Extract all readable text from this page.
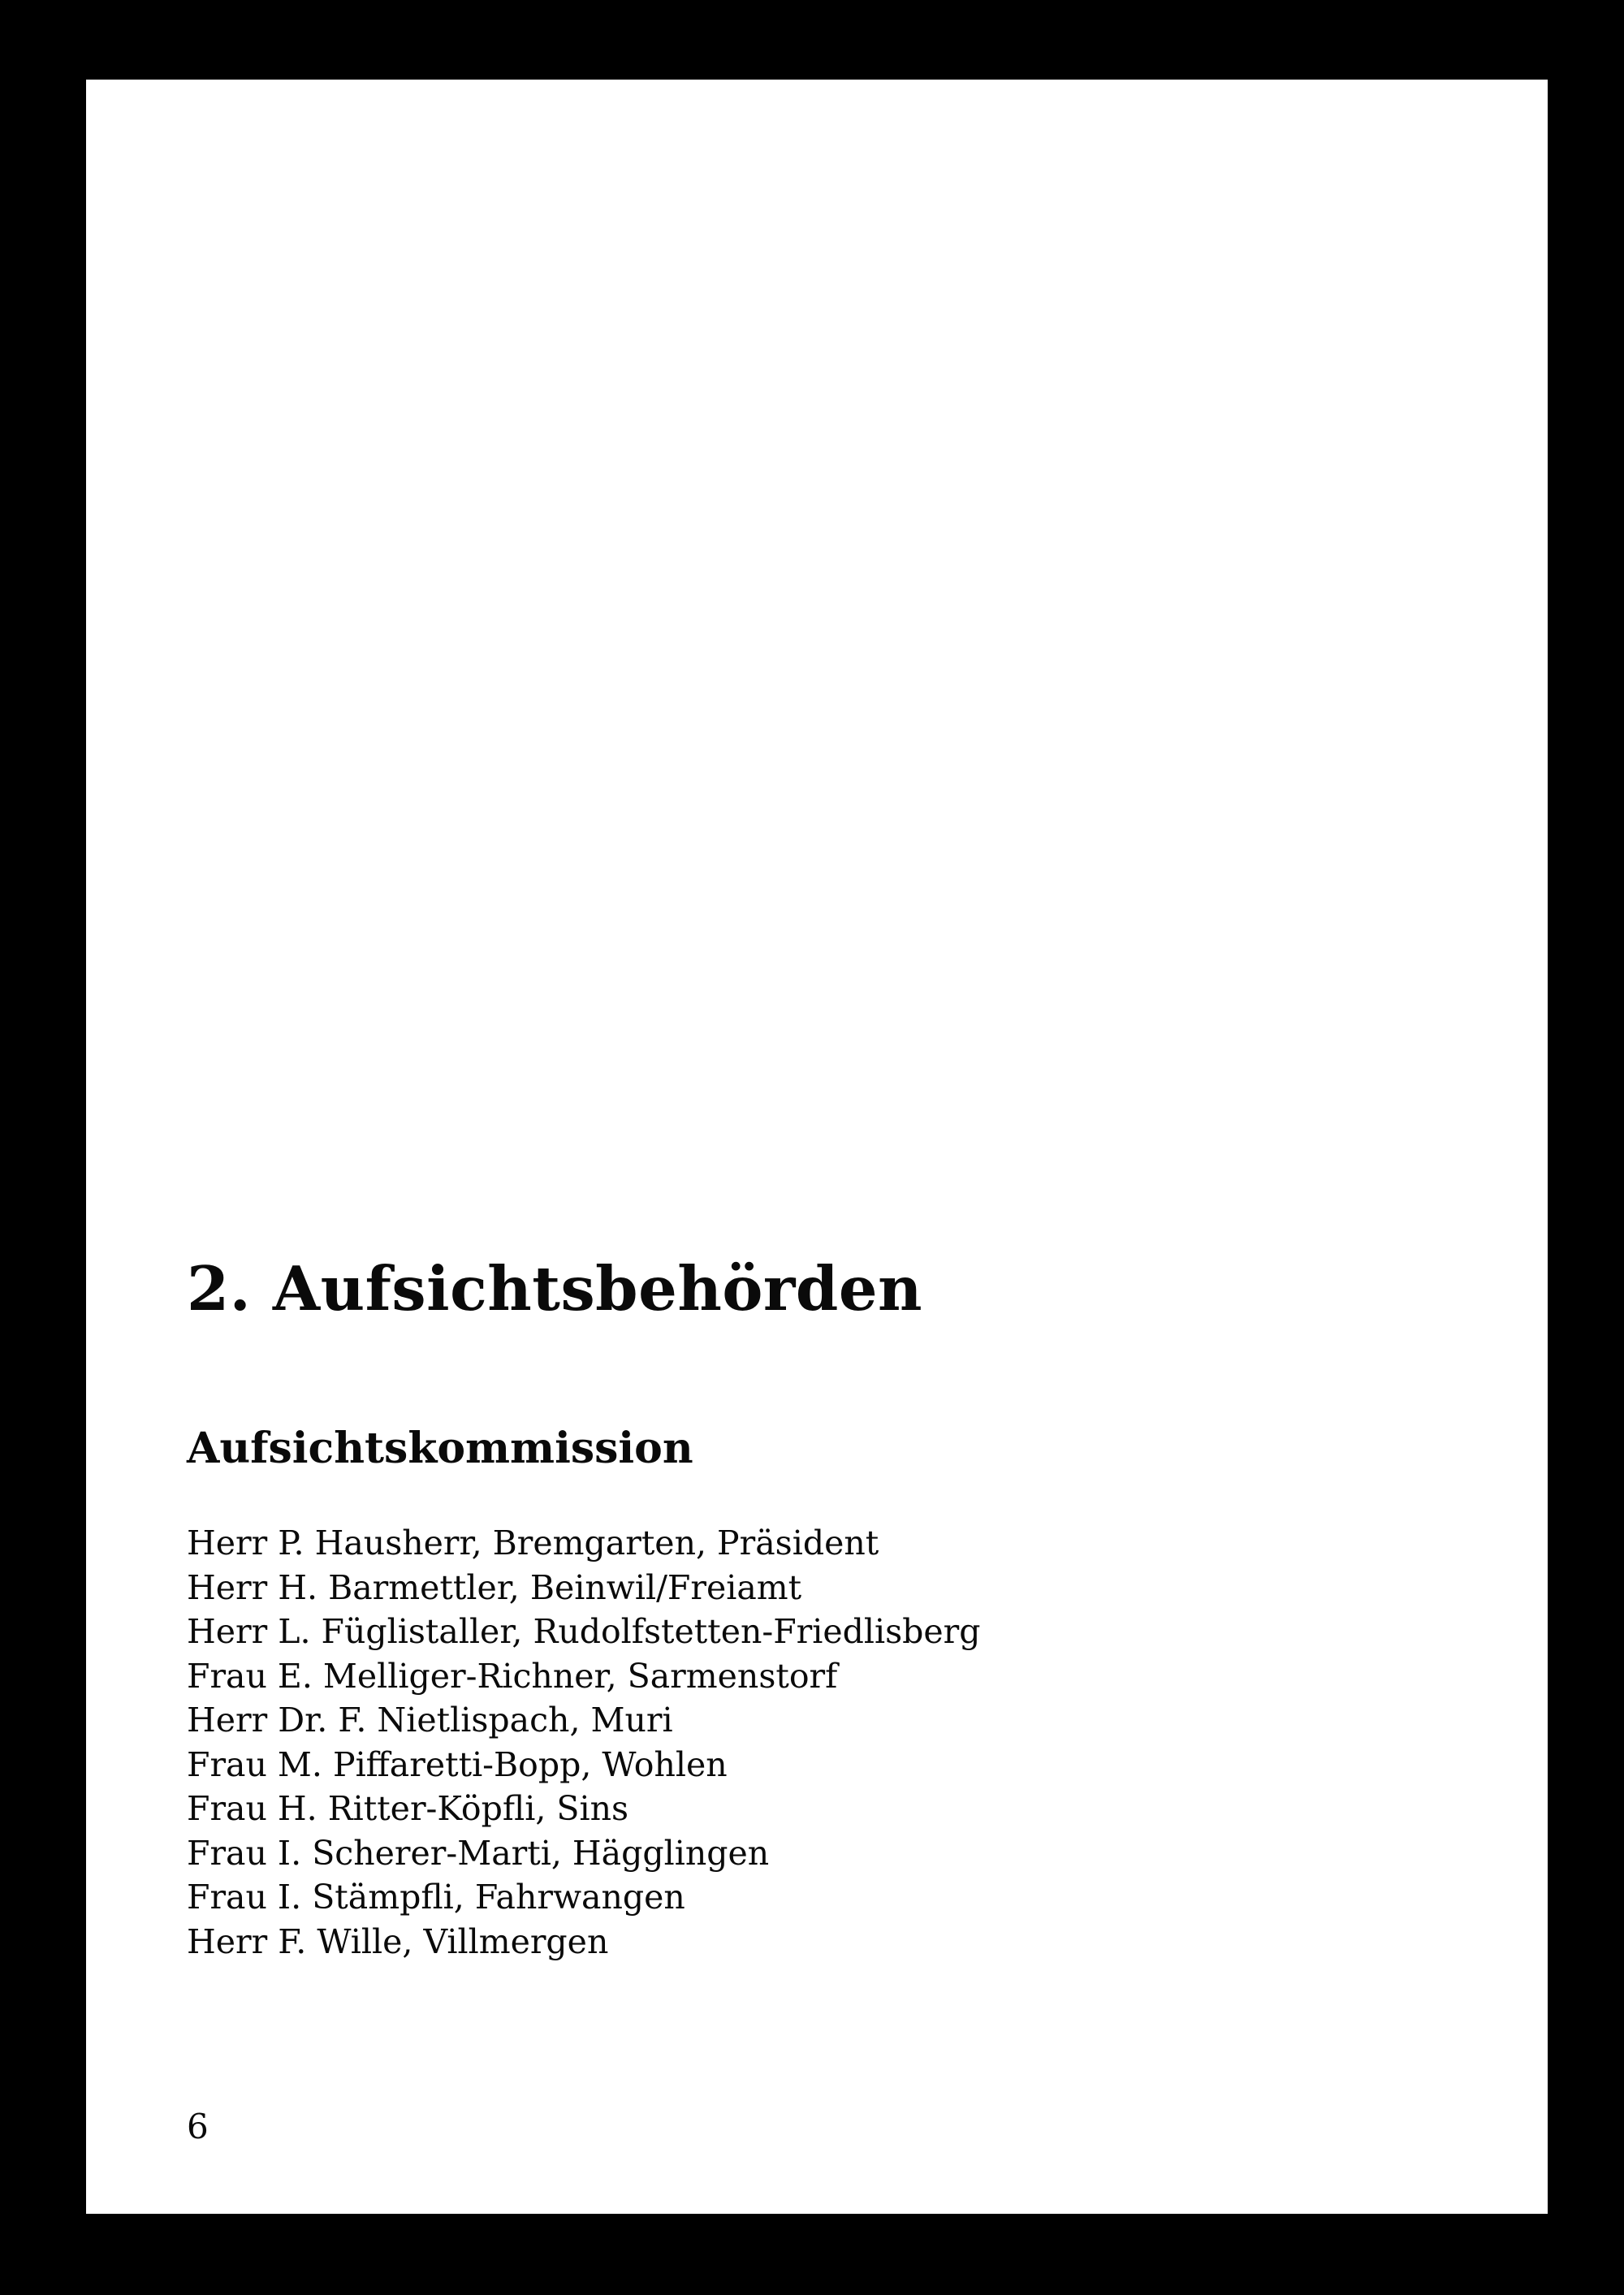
2. Aufsichtsbehörden
Aufsichtskommission
Herr P. Hausherr, Bremgarten, Präsident
Herr H. Barmettler, Beinwil/Freiamt
Herr L. Füglistaller, Rudolfstetten-Friedlisberg
Frau E. Melliger-Richner, Sarmenstorf
Herr Dr. F. Nietlispach, Muri
Frau M. Piffaretti-Bopp, Wohlen
Frau H. Ritter-Köpfli, Sins
Frau I. Scherer-Marti, Hägglingen
Frau I. Stämpfli, Fahrwangen
Herr F. Wille, Villmergen
6
